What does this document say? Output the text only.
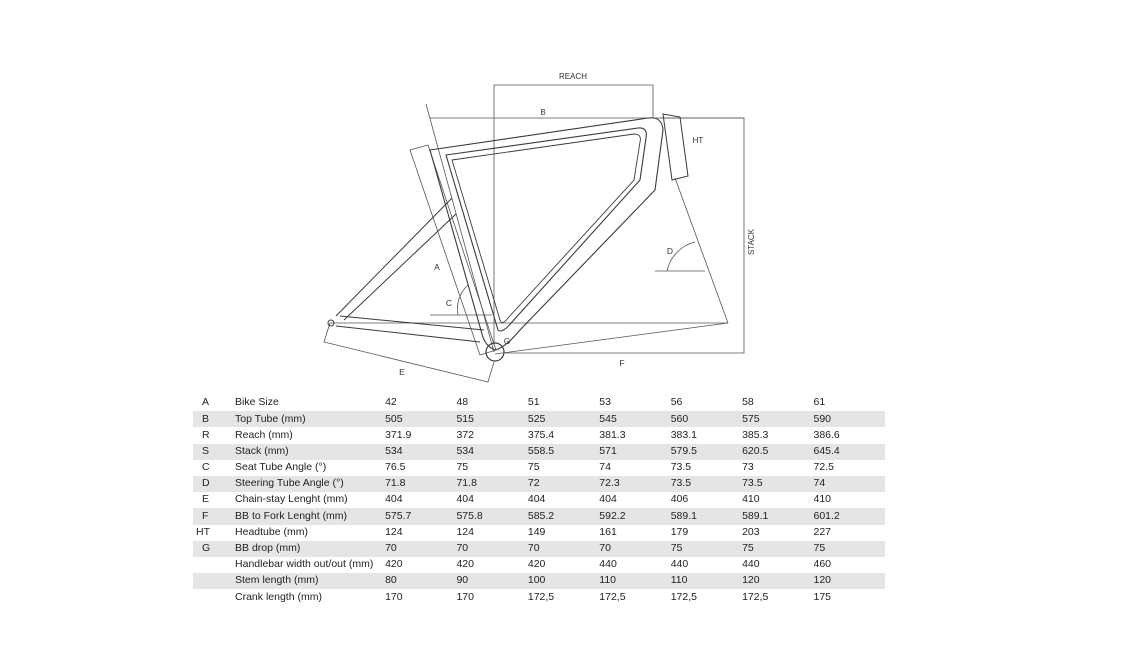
REACH
B
STACK
F
A
C
D
E
HT
G
A	Bike Size	42	48	51	53	56	58	61
B	Top Tube (mm)	505	515	525	545	560	575	590
R	Reach (mm)	371.9	372	375.4	381.3	383.1	385.3	386.6
S	Stack (mm)	534	534	558.5	571	579.5	620.5	645.4
C	Seat Tube Angle (°)	76.5	75	75	74	73.5	73	72.5
D	Steering Tube Angle (°)	71.8	71.8	72	72.3	73.5	73.5	74
E	Chain-stay Lenght (mm)	404	404	404	404	406	410	410
F	BB to Fork Lenght (mm)	575.7	575.8	585.2	592.2	589.1	589.1	601.2
HT	Headtube (mm)	124	124	149	161	179	203	227
G	BB drop (mm)	70	70	70	70	75	75	75
	Handlebar width out/out (mm)	420	420	420	440	440	440	460
	Stem length (mm)	80	90	100	110	110	120	120
	Crank length (mm)	170	170	172,5	172,5	172,5	172,5	175
